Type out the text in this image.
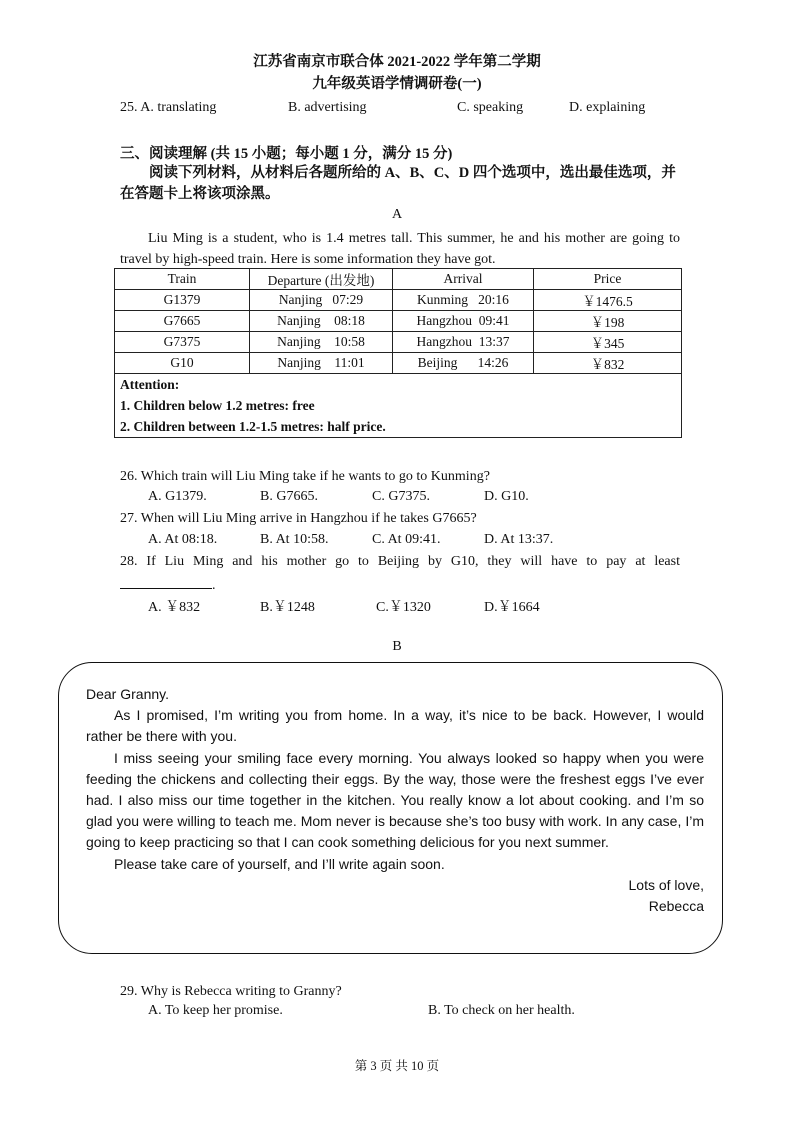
江苏省南京市联合体 2021-2022 学年第二学期
九年级英语学情调研卷(一)
25. A. translating	B. advertising	C. speaking	D. explaining
三、阅读理解 (共 15 小题；每小题 1 分，满分 15 分)
阅读下列材料，从材料后各题所给的 A、B、C、D 四个选项中，选出最佳选项，并在答题卡上将该项涂黑。
A
Liu Ming is a student, who is 1.4 metres tall. This summer, he and his mother are going to travel by high-speed train. Here is some information they have got.
Train	Departure (出发地)	Arrival	Price
G1379	Nanjing   07:29	Kunming   20:16	￥1476.5
G7665	Nanjing    08:18	Hangzhou  09:41	￥198
G7375	Nanjing    10:58	Hangzhou  13:37	￥345
G10	Nanjing    11:01	Beijing      14:26	￥832

Attention:
1. Children below 1.2 metres: free
2. Children between 1.2-1.5 metres: half price.			
26. Which train will Liu Ming take if he wants to go to Kunming?
A. G1379.	B. G7665.	C. G7375.	D. G10.
27. When will Liu Ming arrive in Hangzhou if he takes G7665?
A. At 08:18.	B. At 10:58.	C. At 09:41.	D. At 13:37.
28. If Liu Ming and his mother go to Beijing by G10, they will have to pay at least
.
A. ￥832	B.￥1248	C.￥1320	D.￥1664
B

Dear Granny.

As I promised, I’m writing you from home. In a way, it’s nice to be back. However, I would rather be there with you.

I miss seeing your smiling face every morning. You always looked so happy when you were feeding the chickens and collecting their eggs. By the way, those were the freshest eggs I’ve ever had. I also miss our time together in the kitchen. You really know a lot about cooking. and I’m so glad you were willing to teach me. Mom never is because she’s too busy with work. In any case, I’m going to keep practicing so that I can cook something delicious for you next summer.

Please take care of yourself, and I’ll write again soon.

Lots of love,

Rebecca

29. Why is Rebecca writing to Granny?
A. To keep her promise.	B. To check on her health.
第 3 页 共 10 页
